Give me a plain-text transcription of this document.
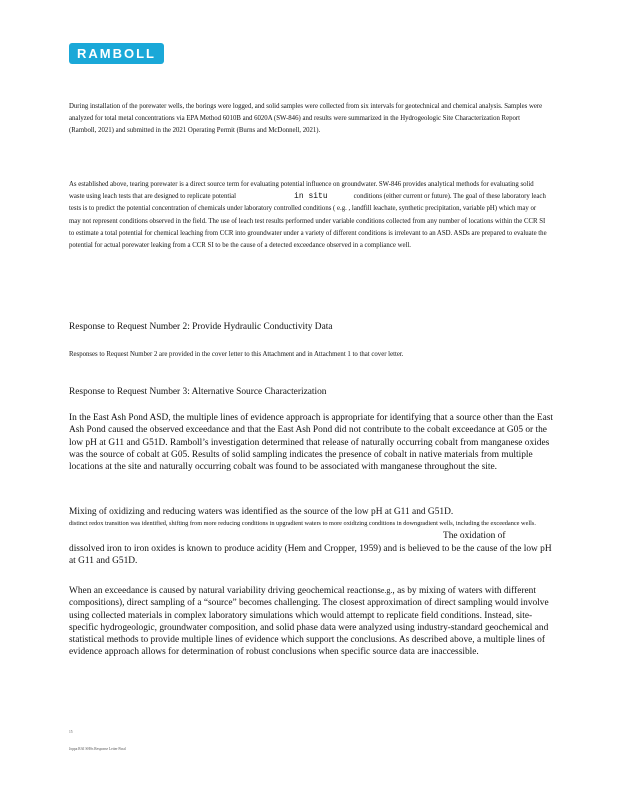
RAMBOLL
During installation of the porewater wells, the borings were logged, and solid samples were collected from six intervals for geotechnical and chemical analysis. Samples were analyzed for total metal concentrations via EPA Method 6010B and 6020A (SW-846) and results were summarized in the Hydrogeologic Site Characterization Report (Ramboll, 2021) and submitted in the 2021 Operating Permit (Burns and McDonnell, 2021).
As established above, tearing porewater is a direct source term for evaluating potential influence on groundwater. SW-846 provides analytical methods for evaluating solid waste using leach tests that are designed to replicate potential	in situ	conditions (either current or future). The goal of these laboratory leach tests is to predict the potential concentration of chemicals under laboratory controlled conditions ( e.g. , landfill leachate, synthetic precipitation, variable pH) which may or may not represent conditions observed in the field. The use of leach test results performed under variable conditions collected from any number of locations within the CCR SI to estimate a total potential for chemical leaching from CCR into groundwater under a variety of different conditions is irrelevant to an ASD. ASDs are prepared to evaluate the potential for actual porewater leaking from a CCR SI to be the cause of a detected exceedance observed in a compliance well.
Response to Request Number 2: Provide Hydraulic Conductivity Data
Responses to Request Number 2 are provided in the cover letter to this Attachment and in Attachment 1 to that cover letter.
Response to Request Number 3: Alternative Source Characterization
In the East Ash Pond ASD, the multiple lines of evidence approach is appropriate for identifying that a source other than the East Ash Pond caused the observed exceedance and that the East Ash Pond did not contribute to the cobalt exceedance at G05 or the low pH at G11 and G51D. Ramboll’s investigation determined that release of naturally occurring cobalt from manganese oxides was the source of cobalt at G05. Results of solid sampling indicates the presence of cobalt in native materials from multiple locations at the site and naturally occurring cobalt was found to be associated with manganese throughout the site.
Mixing of oxidizing and reducing waters was identified as the source of the low pH at G11 and G51D.
distinct redox transition was identified, shifting from more reducing conditions in upgradient waters to more oxidizing conditions in downgradient wells, including the exceedance wells.
The oxidation of
dissolved iron to iron oxides is known to produce acidity (Hem and Cropper, 1959) and is believed to be the cause of the low pH at G11 and G51D.
When an exceedance is caused by natural variability driving geochemical reactionse.g., as by mixing of waters with different compositions), direct sampling of a “source” becomes challenging. The closest approximation of direct sampling would involve using collected materials in complex laboratory simulations which would attempt to replicate field conditions. Instead, site-specific hydrogeologic, groundwater composition, and solid phase data were analyzed using industry-standard geochemical and statistical methods to provide multiple lines of evidence which support the conclusions. As described above, a multiple lines of evidence approach allows for determination of robust conclusions when specific source data are inaccessible.
15
Joppa RAI SHSs Response Letter Final
